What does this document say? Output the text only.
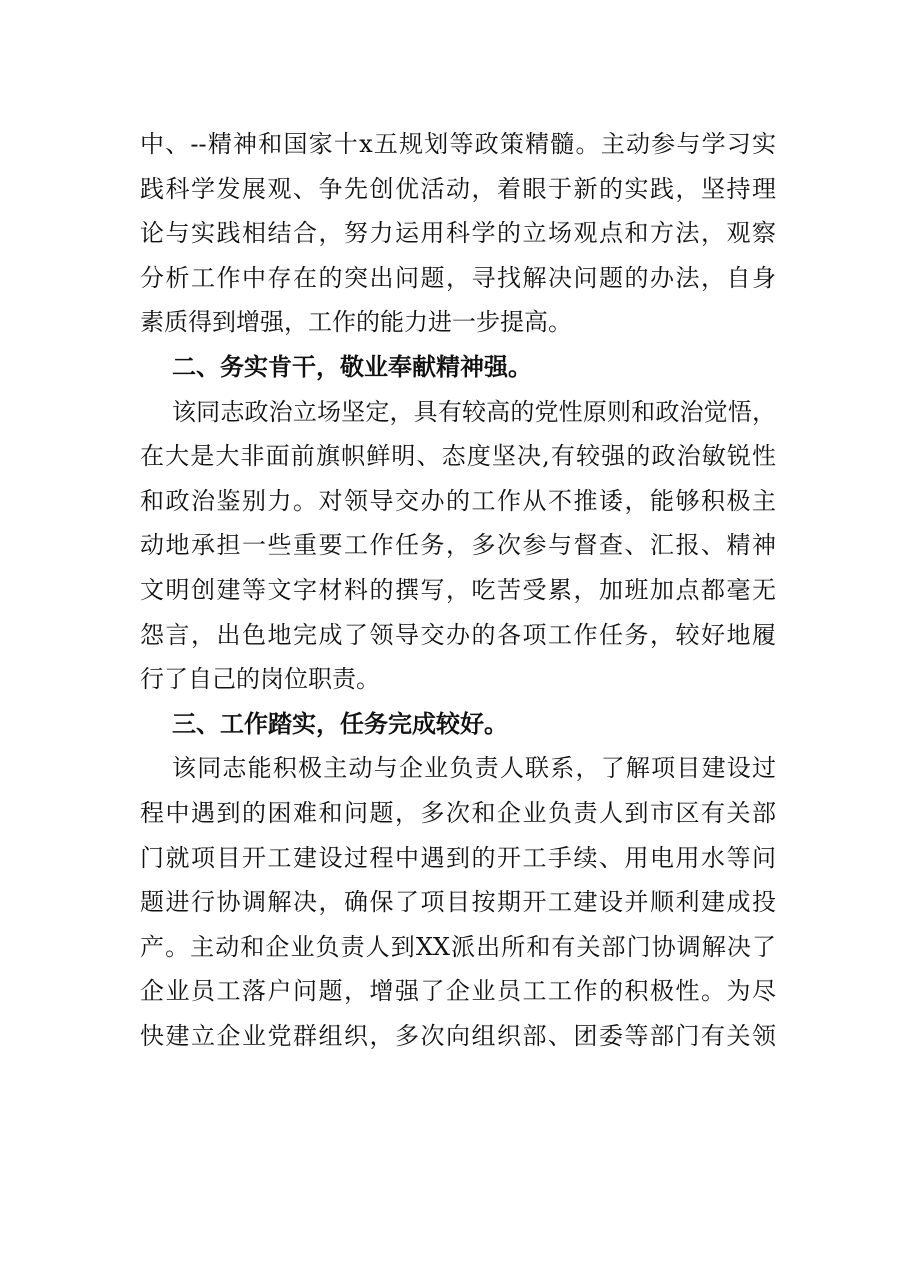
中、--精神和国家十x五规划等政策精髓。主动参与学习实
践科学发展观、争先创优活动，着眼于新的实践，坚持理
论与实践相结合，努力运用科学的立场观点和方法，观察
分析工作中存在的突出问题，寻找解决问题的办法，自身
素质得到增强，工作的能力进一步提高。
二、务实肯干，敬业奉献精神强。
该同志政治立场坚定，具有较高的党性原则和政治觉悟，
在大是大非面前旗帜鲜明、态度坚决,有较强的政治敏锐性
和政治鉴别力。对领导交办的工作从不推诿，能够积极主
动地承担一些重要工作任务，多次参与督查、汇报、精神
文明创建等文字材料的撰写，吃苦受累，加班加点都毫无
怨言，出色地完成了领导交办的各项工作任务，较好地履
行了自己的岗位职责。
三、工作踏实，任务完成较好。
该同志能积极主动与企业负责人联系，了解项目建设过
程中遇到的困难和问题，多次和企业负责人到市区有关部
门就项目开工建设过程中遇到的开工手续、用电用水等问
题进行协调解决，确保了项目按期开工建设并顺利建成投
产。主动和企业负责人到XX派出所和有关部门协调解决了
企业员工落户问题，增强了企业员工工作的积极性。为尽
快建立企业党群组织，多次向组织部、团委等部门有关领
